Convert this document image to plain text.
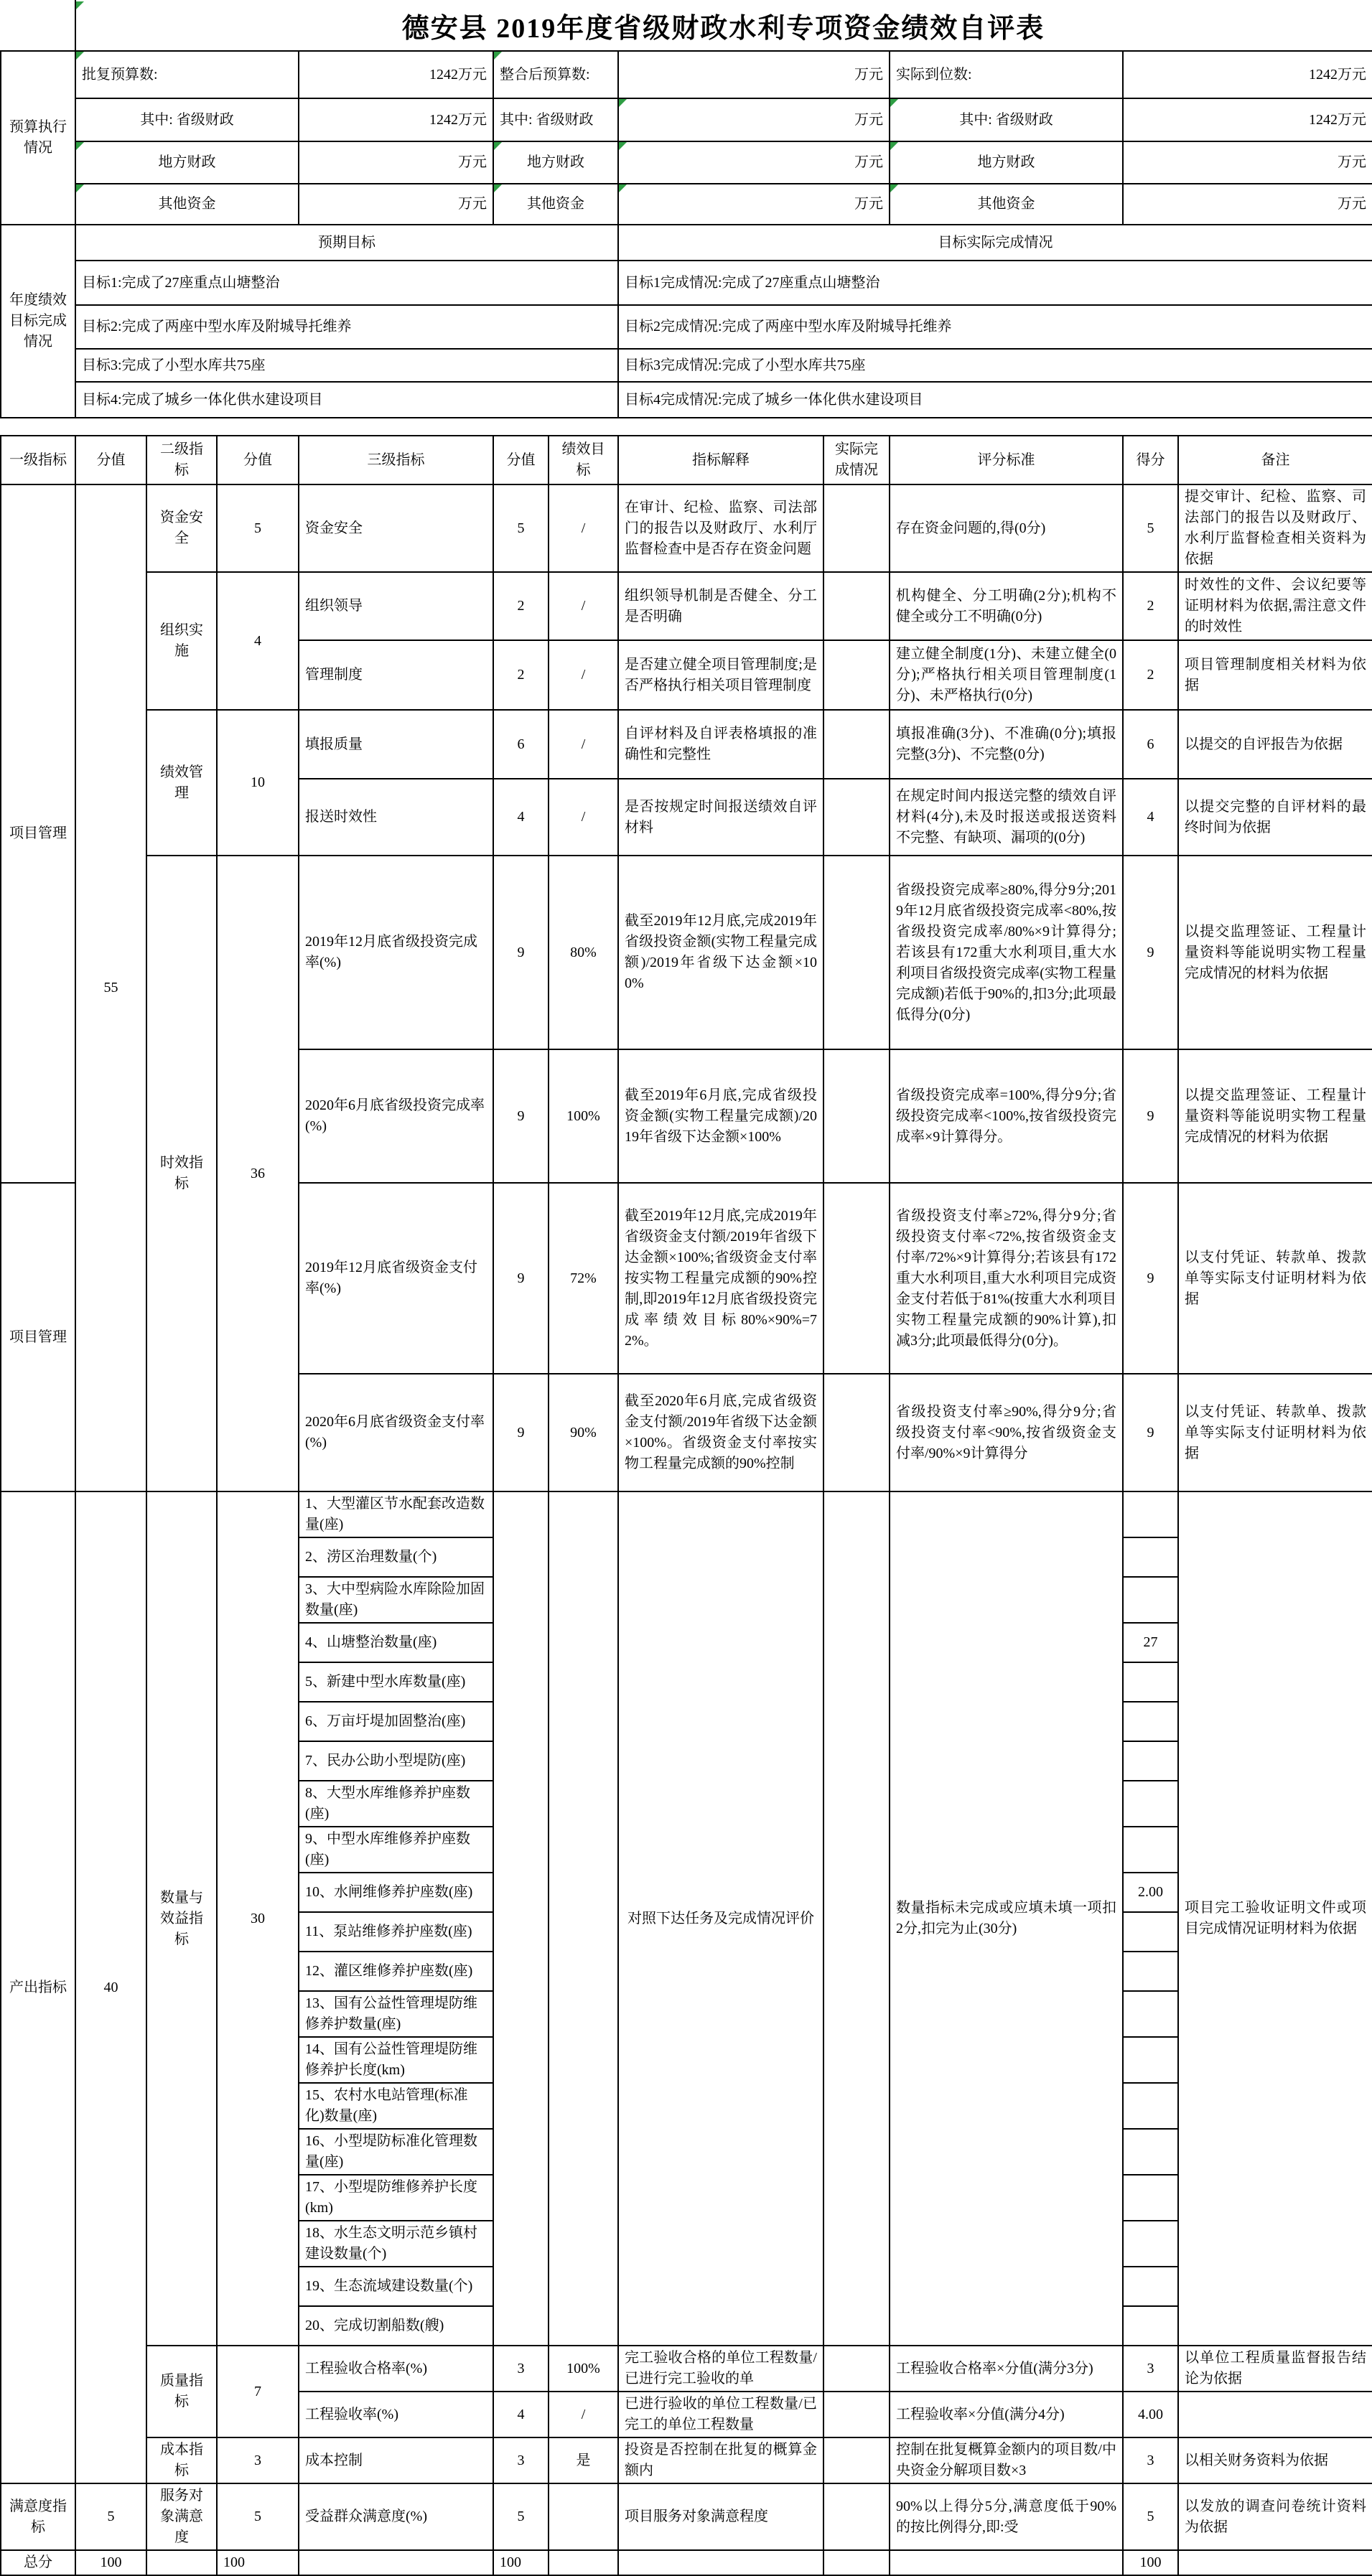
德安县 2019年度省级财政水利专项资金绩效自评表
预算执行情况	批复预算数:	1242万元	整合后预算数:	万元	实际到位数:	1242万元
	其中: 省级财政	1242万元	其中: 省级财政	万元	其中: 省级财政	1242万元
	地方财政	万元	地方财政	万元	地方财政	万元
	其他资金	万元	其他资金	万元	其他资金	万元
年度绩效目标完成情况	预期目标			目标实际完成情况		
	目标1:完成了27座重点山塘整治			目标1完成情况:完成了27座重点山塘整治		
	目标2:完成了两座中型水库及附城导托维养			目标2完成情况:完成了两座中型水库及附城导托维养		
	目标3:完成了小型水库共75座			目标3完成情况:完成了小型水库共75座		
	目标4:完成了城乡一体化供水建设项目			目标4完成情况:完成了城乡一体化供水建设项目		
一级指标	分值	二级指标	分值	三级指标	分值	绩效目标	指标解释	实际完成情况	评分标准	得分	备注
项目管理	55	资金安全	5	资金安全	5	/	在审计、纪检、监察、司法部门的报告以及财政厅、水利厅监督检查中是否存在资金问题		存在资金问题的,得(0分)	5	提交审计、纪检、监察、司法部门的报告以及财政厅、水利厅监督检查相关资料为依据
		组织实施	4	组织领导	2	/	组织领导机制是否健全、分工是否明确		机构健全、分工明确(2分);机构不健全或分工不明确(0分)	2	时效性的文件、会议纪要等证明材料为依据,需注意文件的时效性
				管理制度	2	/	是否建立健全项目管理制度;是否严格执行相关项目管理制度		建立健全制度(1分)、未建立健全(0分);严格执行相关项目管理制度(1分)、未严格执行(0分)	2	项目管理制度相关材料为依据
		绩效管理	10	填报质量	6	/	自评材料及自评表格填报的准确性和完整性		填报准确(3分)、不准确(0分);填报完整(3分)、不完整(0分)	6	以提交的自评报告为依据
				报送时效性	4	/	是否按规定时间报送绩效自评材料		在规定时间内报送完整的绩效自评材料(4分),未及时报送或报送资料不完整、有缺项、漏项的(0分)	4	以提交完整的自评材料的最终时间为依据
		时效指标	36	2019年12月底省级投资完成率(%)	9	80%	截至2019年12月底,完成2019年省级投资金额(实物工程量完成额)/2019年省级下达金额×100%		省级投资完成率≥80%,得分9分;2019年12月底省级投资完成率<80%,按省级投资完成率/80%×9计算得分;若该县有172重大水利项目,重大水利项目省级投资完成率(实物工程量完成额)若低于90%的,扣3分;此项最低得分(0分)	9	以提交监理签证、工程量计量资料等能说明实物工程量完成情况的材料为依据
				2020年6月底省级投资完成率(%)	9	100%	截至2019年6月底,完成省级投资金额(实物工程量完成额)/2019年省级下达金额×100%		省级投资完成率=100%,得分9分;省级投资完成率<100%,按省级投资完成率×9计算得分。	9	以提交监理签证、工程量计量资料等能说明实物工程量完成情况的材料为依据
项目管理				2019年12月底省级资金支付率(%)	9	72%	截至2019年12月底,完成2019年省级资金支付额/2019年省级下达金额×100%;省级资金支付率按实物工程量完成额的90%控制,即2019年12月底省级投资完成率绩效目标80%×90%=72%。		省级投资支付率≥72%,得分9分;省级投资支付率<72%,按省级资金支付率/72%×9计算得分;若该县有172重大水利项目,重大水利项目完成资金支付若低于81%(按重大水利项目实物工程量完成额的90%计算),扣减3分;此项最低得分(0分)。	9	以支付凭证、转款单、拨款单等实际支付证明材料为依据
				2020年6月底省级资金支付率(%)	9	90%	截至2020年6月底,完成省级资金支付额/2019年省级下达金额×100%。省级资金支付率按实物工程量完成额的90%控制		省级投资支付率≥90%,得分9分;省级投资支付率<90%,按省级资金支付率/90%×9计算得分	9	以支付凭证、转款单、拨款单等实际支付证明材料为依据
产出指标	40	数量与效益指标	30	1、大型灌区节水配套改造数量(座)			对照下达任务及完成情况评价		数量指标未完成或应填未填一项扣2分,扣完为止(30分)		项目完工验收证明文件或项目完成情况证明材料为依据

				2、涝区治理数量(个)							

				3、大中型病险水库除险加固数量(座)							

				4、山塘整治数量(座)						27	

				5、新建中型水库数量(座)							

				6、万亩圩堤加固整治(座)							

				7、民办公助小型堤防(座)							

				8、大型水库维修养护座数(座)							

				9、中型水库维修养护座数(座)							

				10、水闸维修养护座数(座)						2.00	

				11、泵站维修养护座数(座)							

				12、灌区维修养护座数(座)							

				13、国有公益性管理堤防维修养护数量(座)							

				14、国有公益性管理堤防维修养护长度(km)							

				15、农村水电站管理(标准化)数量(座)							

				16、小型堤防标准化管理数量(座)							

				17、小型堤防维修养护长度(km)							

				18、水生态文明示范乡镇村建设数量(个)							

				19、生态流域建设数量(个)							

				20、完成切割船数(艘)							

		质量指标	7	工程验收合格率(%)	3	100%	完工验收合格的单位工程数量/已进行完工验收的单		工程验收合格率×分值(满分3分)	3	以单位工程质量监督报告结论为依据
				工程验收率(%)	4	/	已进行验收的单位工程数量/已完工的单位工程数量		工程验收率×分值(满分4分)	4.00	
		成本指标	3	成本控制	3	是	投资是否控制在批复的概算金额内		控制在批复概算金额内的项目数/中央资金分解项目数×3	3	以相关财务资料为依据
满意度指标	5	服务对象满意度	5	受益群众满意度(%)	5		项目服务对象满意程度		90%以上得分5分,满意度低于90%的按比例得分,即:受	5	以发放的调查问卷统计资料为依据
总分	100		100		100					100	
